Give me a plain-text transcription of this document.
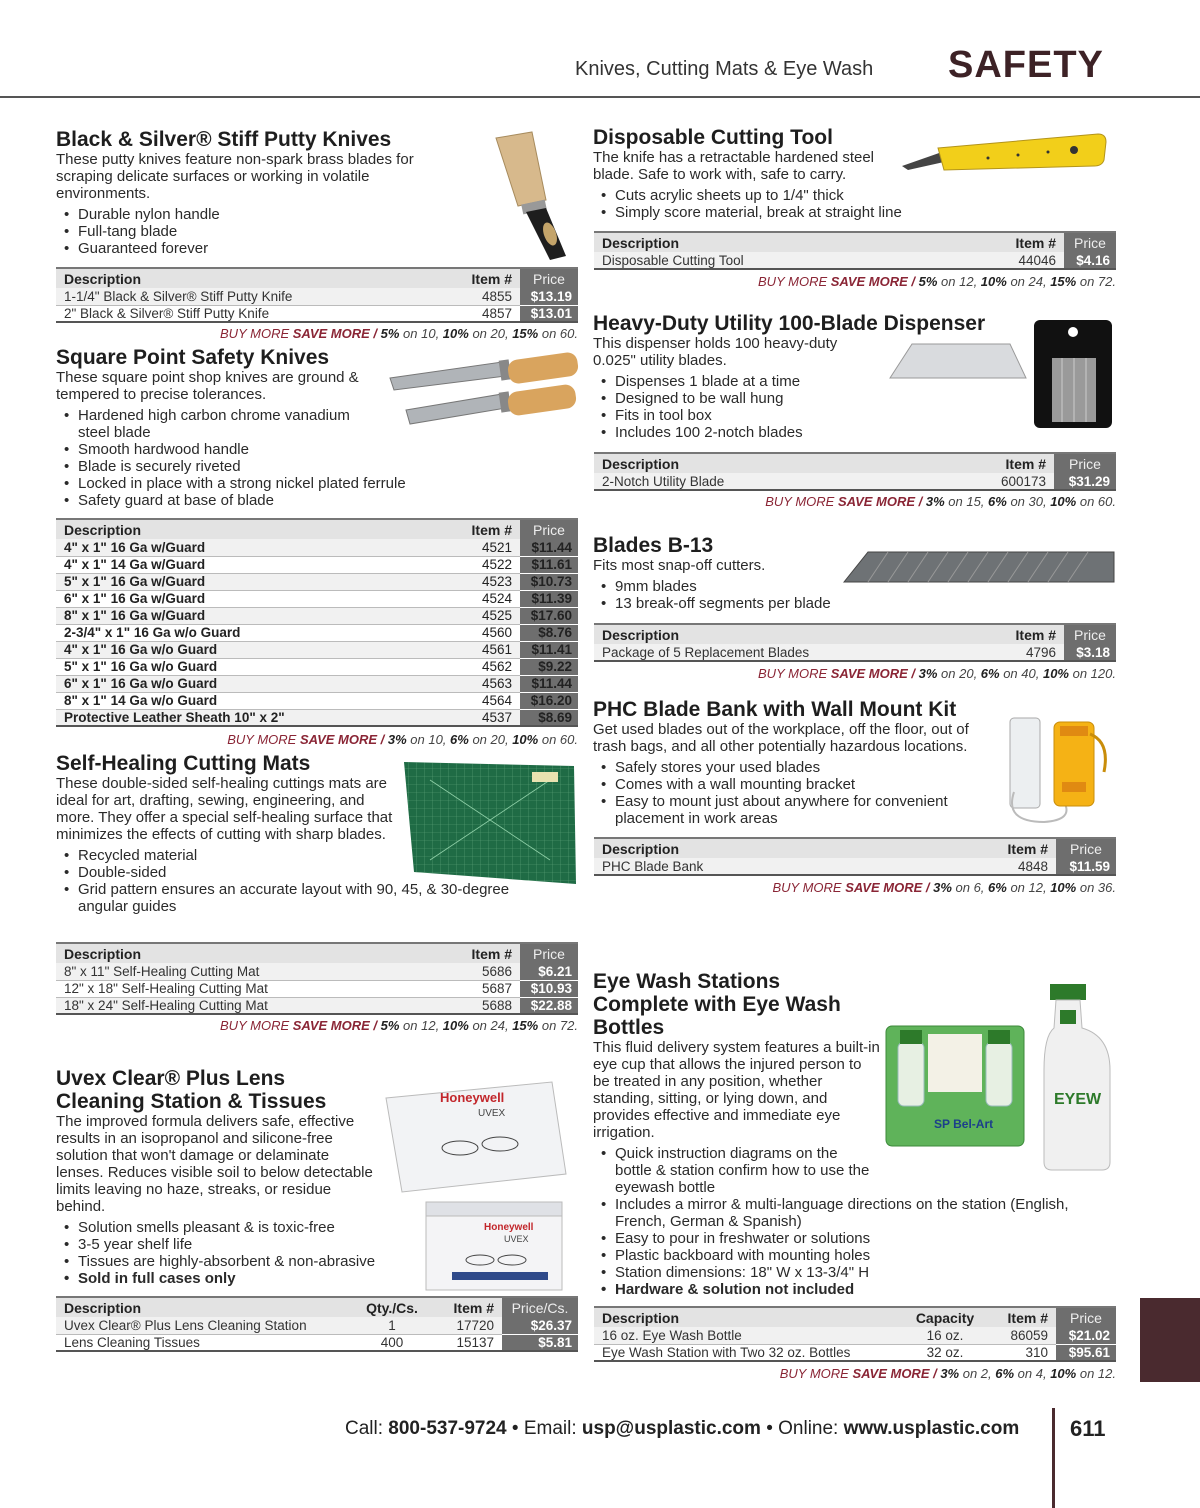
Knives, Cutting Mats & Eye Wash SAFETY
Black & Silver® Stiff Putty Knives

These putty knives feature non-spark brass blades for scraping delicate surfaces or working in volatile environments.

• Durable nylon handle
• Full-tang blade
• Guaranteed forever
Description	Item #	Price
1-1/4" Black & Silver® Stiff Putty Knife	4855	$13.19
2" Black & Silver® Stiff Putty Knife	4857	$13.01
BUY MORE SAVE MORE / 5% on 10, 10% on 20, 15% on 60.
Square Point Safety Knives

These square point shop knives are ground & tempered to precise tolerances.

• Hardened high carbon chrome vanadium steel blade
• Smooth hardwood handle
• Blade is securely riveted
• Locked in place with a strong nickel plated ferrule
• Safety guard at base of blade
Description	Item #	Price
4" x 1" 16 Ga w/Guard	4521	$11.44
4" x 1" 14 Ga w/Guard	4522	$11.61
5" x 1" 16 Ga w/Guard	4523	$10.73
6" x 1" 16 Ga w/Guard	4524	$11.39
8" x 1" 16 Ga w/Guard	4525	$17.60
2-3/4" x 1" 16 Ga w/o Guard	4560	$8.76
4" x 1" 16 Ga w/o Guard	4561	$11.41
5" x 1" 16 Ga w/o Guard	4562	$9.22
6" x 1" 16 Ga w/o Guard	4563	$11.44
8" x 1" 14 Ga w/o Guard	4564	$16.20
Protective Leather Sheath 10" x 2"	4537	$8.69
BUY MORE SAVE MORE / 3% on 10, 6% on 20, 10% on 60.
Self-Healing Cutting Mats

These double-sided self-healing cuttings mats are ideal for art, drafting, sewing, engineering, and more. They offer a special self-healing surface that minimizes the effects of cutting with sharp blades.

• Recycled material
• Double-sided
• Grid pattern ensures an accurate layout with 90, 45, & 30-degree angular guides
Description	Item #	Price
8" x 11" Self-Healing Cutting Mat	5686	$6.21
12" x 18" Self-Healing Cutting Mat	5687	$10.93
18" x 24" Self-Healing Cutting Mat	5688	$22.88
BUY MORE SAVE MORE / 5% on 12, 10% on 24, 15% on 72.
Uvex Clear® Plus Lens Cleaning Station & Tissues

The improved formula delivers safe, effective results in an isopropanol and silicone-free solution that won't damage or delaminate lenses. Reduces visible soil to below detectable limits leaving no haze, streaks, or residue behind.

• Solution smells pleasant & is toxic-free
• 3-5 year shelf life
• Tissues are highly-absorbent & non-abrasive
• Sold in full cases only
Honeywell
UVEX
Honeywell
UVEX
Description	Qty./Cs.	Item #	Price/Cs.
Uvex Clear® Plus Lens Cleaning Station	1	17720	$26.37
Lens Cleaning Tissues	400	15137	$5.81
Disposable Cutting Tool

The knife has a retractable hardened steel blade. Safe to work with, safe to carry.

• Cuts acrylic sheets up to 1/4" thick
• Simply score material, break at straight line
Description	Item #	Price
Disposable Cutting Tool	44046	$4.16
BUY MORE SAVE MORE / 5% on 12, 10% on 24, 15% on 72.
Heavy-Duty Utility 100-Blade Dispenser

This dispenser holds 100 heavy-duty 0.025" utility blades.

• Dispenses 1 blade at a time
• Designed to be wall hung
• Fits in tool box
• Includes 100 2-notch blades
Description	Item #	Price
2-Notch Utility Blade	600173	$31.29
BUY MORE SAVE MORE / 3% on 15, 6% on 30, 10% on 60.
Blades B-13

Fits most snap-off cutters.

• 9mm blades
• 13 break-off segments per blade
Description	Item #	Price
Package of 5 Replacement Blades	4796	$3.18
BUY MORE SAVE MORE / 3% on 20, 6% on 40, 10% on 120.
PHC Blade Bank with Wall Mount Kit

Get used blades out of the workplace, off the floor, out of trash bags, and all other potentially hazardous locations.

• Safely stores your used blades
• Comes with a wall mounting bracket
• Easy to mount just about anywhere for convenient placement in work areas
Description	Item #	Price
PHC Blade Bank	4848	$11.59
BUY MORE SAVE MORE / 3% on 6, 6% on 12, 10% on 36.
Eye Wash Stations Complete with Eye Wash Bottles

This fluid delivery system features a built-in eye cup that allows the injured person to be treated in any position, whether standing, sitting, or lying down, and provides effective and immediate eye irrigation.

• Quick instruction diagrams on the bottle & station confirm how to use the eyewash bottle
• Includes a mirror & multi-language directions on the station (English, French, German & Spanish)
• Easy to pour in freshwater or solutions
• Plastic backboard with mounting holes
• Station dimensions: 18" W x 13-3/4" H
• Hardware & solution not included
SP Bel-Art
EYEW
Description	Capacity	Item #	Price
16 oz. Eye Wash Bottle	16 oz.	86059	$21.02
Eye Wash Station with Two 32 oz. Bottles	32 oz.	310	$95.61
BUY MORE SAVE MORE / 3% on 2, 6% on 4, 10% on 12.
Call: 800-537-9724 • Email: usp@usplastic.com • Online: www.usplastic.com 611
